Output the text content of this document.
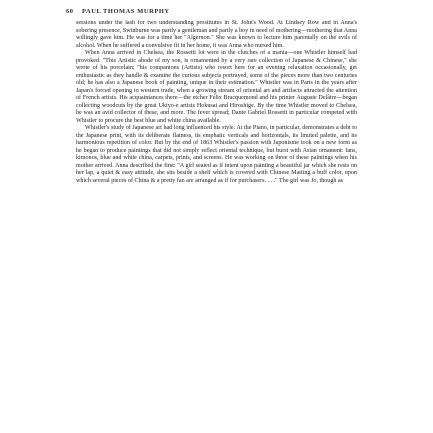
60 PAUL THOMAS MURPHY

sessions under the lash for two understanding prostitutes in St. John's Wood. At Lindsey Row and in Anna's sobering presence, Swinburne was partly a gentleman and partly a boy in need of mothering—mothering that Anna willingly gave him. He was for a time her "Algernon." She was known to lecture him parentally on the evils of alcohol. When he suffered a convulsive fit in her home, it was Anna who nursed him.

When Anna arrived in Chelsea, the Rossetti lot were in the clutches of a mania—one Whistler himself had provoked. "This Artistic abode of my son, is ornamented by a very rare collection of Japanese & Chinese," she wrote of his porcelain; "his companions (Artists) who resort here for an evening relaxation occasionally, get enthusiastic as they handle & examine the curious subjects portrayed, some of the pieces more than two centuries old; he has also a Japanese book of painting, unique in their estimation." Whistler was in Paris in the years after Japan's forced opening to western trade, when a growing stream of oriental art and artifacts attracted the attention of French artists. His acquaintances there—the etcher Félix Bracquemond and his printer Auguste Delâtre—began collecting woodcuts by the great Ukiyo-e artists Hokusai and Hiroshige. By the time Whistler moved to Chelsea, he was an avid collector of these, and more. The fever spread; Dante Gabriel Rossetti in particular competed with Whistler to procure the best blue and white china available.

Whistler's study of Japanese art had long influenced his style. At the Piano, in particular, demonstrates a debt to the Japanese print, with its deliberate flatness, its emphatic verticals and horizontals, its limited palette, and its harmonious repetition of color. But by the end of 1863 Whistler's passion with Japonisme took on a new form as he began to produce paintings that did not simply reflect oriental technique, but burst with Asian ornament: fans, kimonos, blue and white china, carpets, prints, and screens. He was working on three of these paintings when his mother arrived. Anna described the first: "A girl seated as if intent upon painting a beautiful jar which she rests on her lap, a quiet & easy attitude, she sits beside a shelf which is covered with Chinese Matting a buff color, upon which several pieces of China & a pretty fan are arranged as if for purchasers. . . ." The girl was Jo, though as
